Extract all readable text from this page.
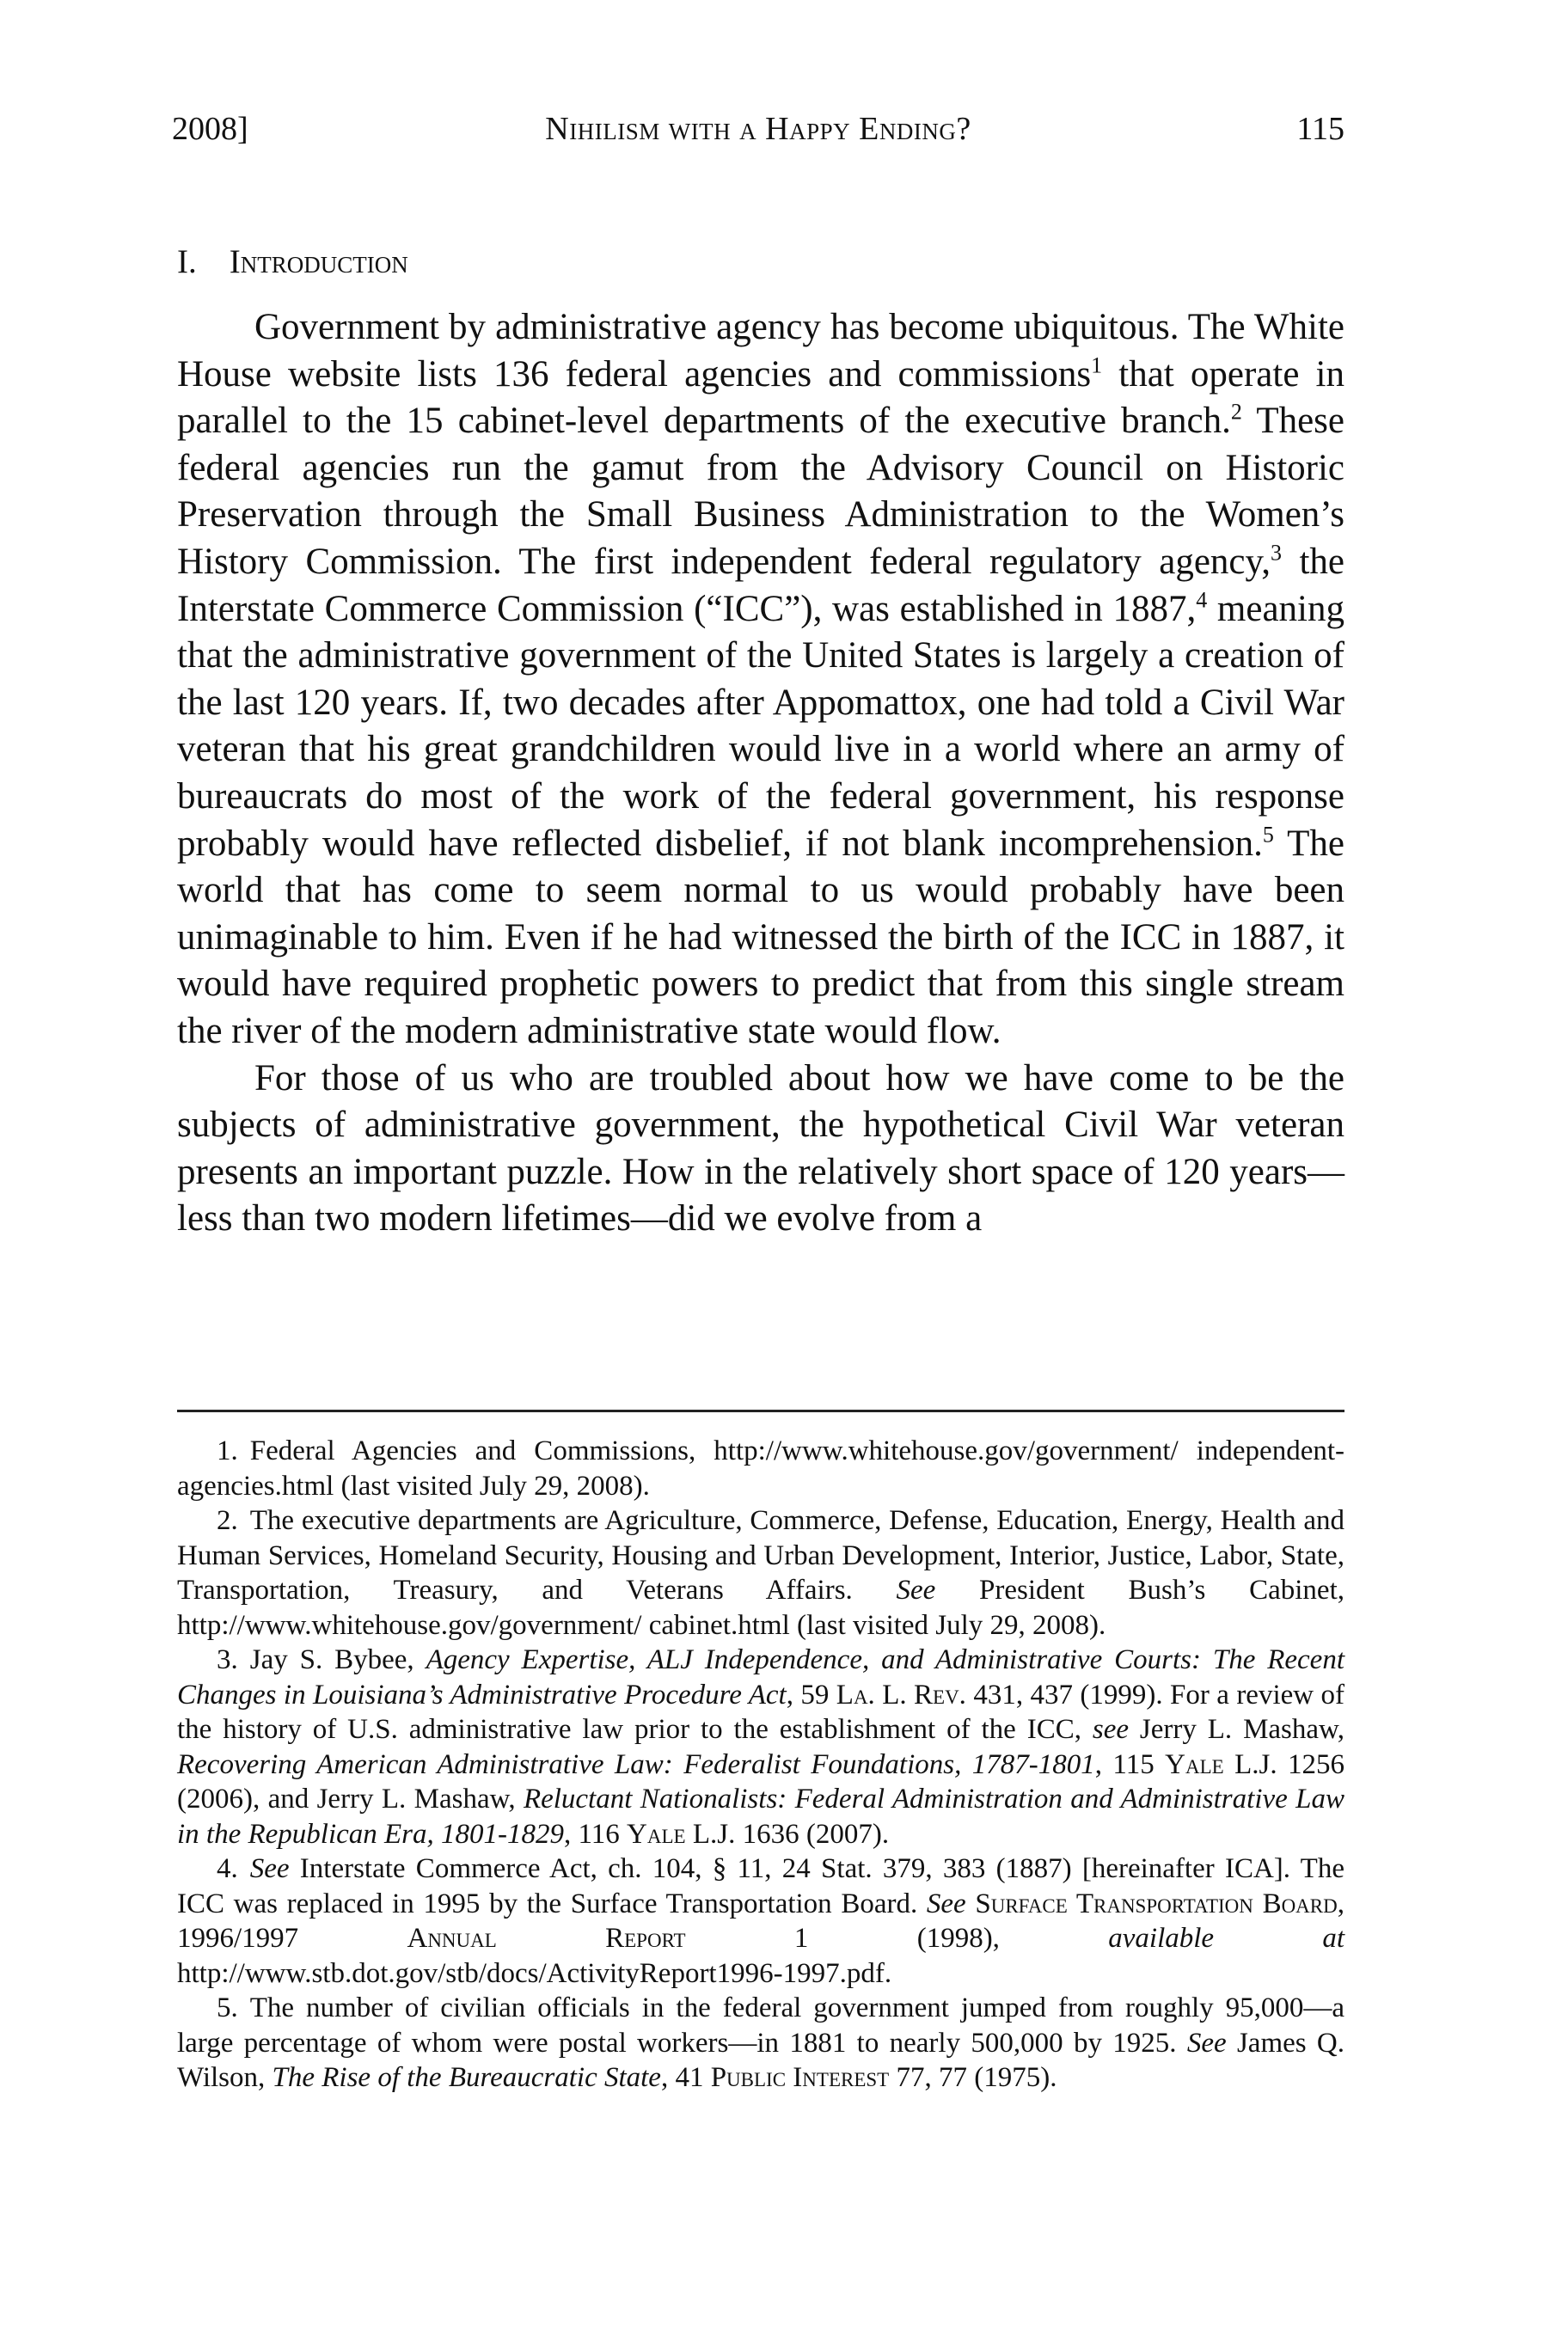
2008]	Nihilism with a Happy Ending?	115
I. Introduction

Government by administrative agency has become ubiquitous. The White House website lists 136 federal agencies and commissions$^1$ that operate in parallel to the 15 cabinet-level departments of the executive branch.$^2$ These federal agencies run the gamut from the Advisory Council on Historic Preservation through the Small Business Administration to the Women’s History Commission. The first independent federal regulatory agency,$^3$ the Interstate Commerce Commission (“ICC”), was established in 1887,$^4$ meaning that the administrative government of the United States is largely a creation of the last 120 years. If, two decades after Appomattox, one had told a Civil War veteran that his great grandchildren would live in a world where an army of bureaucrats do most of the work of the federal government, his response probably would have reflected disbelief, if not blank incomprehension.$^5$ The world that has come to seem normal to us would probably have been unimaginable to him. Even if he had witnessed the birth of the ICC in 1887, it would have required prophetic powers to predict that from this single stream the river of the modern administrative state would flow.

For those of us who are troubled about how we have come to be the subjects of administrative government, the hypothetical Civil War veteran presents an important puzzle. How in the relatively short space of 120 years—less than two modern lifetimes—did we evolve from a

1. Federal Agencies and Commissions, http://www.whitehouse.gov/government/ independent-agencies.html (last visited July 29, 2008).

2. The executive departments are Agriculture, Commerce, Defense, Education, Energy, Health and Human Services, Homeland Security, Housing and Urban Development, Interior, Justice, Labor, State, Transportation, Treasury, and Veterans Affairs. See President Bush’s Cabinet, http://www.whitehouse.gov/government/ cabinet.html (last visited July 29, 2008).

3. Jay S. Bybee, Agency Expertise, ALJ Independence, and Administrative Courts: The Recent Changes in Louisiana’s Administrative Procedure Act, 59 La. L. Rev. 431, 437 (1999). For a review of the history of U.S. administrative law prior to the establishment of the ICC, see Jerry L. Mashaw, Recovering American Administrative Law: Federalist Foundations, 1787-1801, 115 Yale L.J. 1256 (2006), and Jerry L. Mashaw, Reluctant Nationalists: Federal Administration and Administrative Law in the Republican Era, 1801-1829, 116 Yale L.J. 1636 (2007).

4. See Interstate Commerce Act, ch. 104, § 11, 24 Stat. 379, 383 (1887) [hereinafter ICA]. The ICC was replaced in 1995 by the Surface Transportation Board. See Surface Transportation Board, 1996/1997 Annual Report 1 (1998), available at http://www.stb.dot.gov/stb/docs/ActivityReport1996-1997.pdf.

5. The number of civilian officials in the federal government jumped from roughly 95,000—a large percentage of whom were postal workers—in 1881 to nearly 500,000 by 1925. See James Q. Wilson, The Rise of the Bureaucratic State, 41 Public Interest 77, 77 (1975).
